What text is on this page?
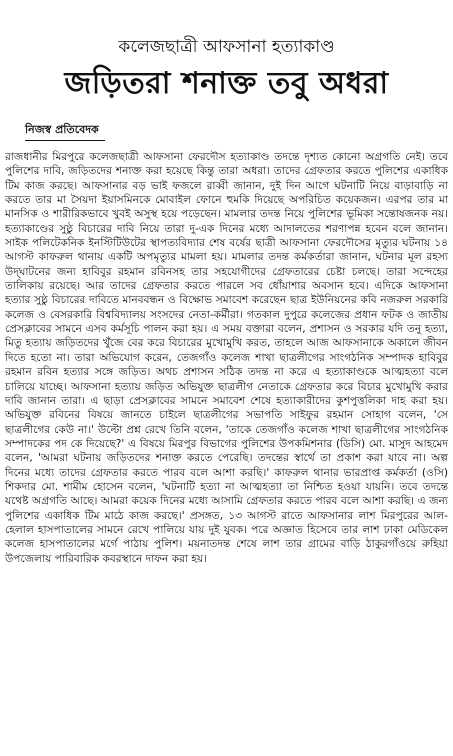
কলেজছাত্রী আফসানা হত্যাকাণ্ড
জড়িতরা শনাক্ত তবু অধরা
নিজস্ব প্রতিবেদক

রাজধানীর মিরপুরে কলেজছাত্রী আফসানা ফেরদৌস হত্যাকাণ্ড তদন্তে দৃশ্যত কোনো অগ্রগতি নেই। তবে পুলিশের দাবি, জড়িতদের শনাক্ত করা হয়েছে কিন্তু তারা অধরা। তাদের গ্রেফতার করতে পুলিশের একাধিক টিম কাজ করছে। আফসানার বড় ভাই ফজলে রাব্বী জানান, দুই দিন আগে ঘটনাটি নিয়ে বাড়াবাড়ি না করতে তার মা সৈয়দা ইয়াসমিনকে মোবাইল ফোনে হুমকি দিয়েছে অপরিচিত কয়েকজন। এরপর তার মা মানসিক ও শারীরিকভাবে খুবই অসুস্থ হয়ে পড়েছেন। মামলার তদন্ত নিয়ে পুলিশের ভূমিকা সন্তোষজনক নয়। হত্যাকাণ্ডের সুষ্ঠু বিচারের দাবি নিয়ে তারা দু-এক দিনের মধ্যে আদালতের শরণাপন্ন হবেন বলে জানান। সাইক পলিটেকনিক ইনস্টিটিউটের স্থাপত্যবিদ্যার শেষ বর্ষের ছাত্রী আফসানা ফেরদৌসের মৃত্যুর ঘটনায় ১৪ আগস্ট কাফরুল থানায় একটি অপমৃত্যুর মামলা হয়। মামলার তদন্ত কর্মকর্তারা জানান, ঘটনার মূল রহস্য উদ্‌ঘাটনের জন্য হাবিবুর রহমান রবিনসহ তার সহযোগীদের গ্রেফতারের চেষ্টা চলছে। তারা সন্দেহের তালিকায় রয়েছে। আর তাদের গ্রেফতার করতে পারলে সব ধোঁয়াশার অবসান হবে। এদিকে আফসানা হত্যার সুষ্ঠু বিচারের দাবিতে মানববন্ধন ও বিক্ষোভ সমাবেশ করেছেন ছাত্র ইউনিয়নের কবি নজরুল সরকারি কলেজ ও বেসরকারি বিশ্ববিদ্যালয় সংসদের নেতা-কর্মীরা। গতকাল দুপুরে কলেজের প্রধান ফটক ও জাতীয় প্রেসক্লাবের সামনে এসব কর্মসূচি পালন করা হয়। এ সময় বক্তারা বলেন, প্রশাসন ও সরকার যদি তনু হত্যা, মিতু হত্যায় জড়িতদের খুঁজে বের করে বিচারের মুখোমুখি করত, তাহলে আজ আফসানাকে অকালে জীবন দিতে হতো না। তারা অভিযোগ করেন, তেজগাঁও কলেজ শাখা ছাত্রলীগের সাংগঠনিক সম্পাদক হাবিবুর রহমান রবিন হত্যার সঙ্গে জড়িত। অথচ প্রশাসন সঠিক তদন্ত না করে এ হত্যাকাণ্ডকে আত্মহত্যা বলে চালিয়ে যাচ্ছে। আফসানা হত্যায় জড়িত অভিযুক্ত ছাত্রলীগ নেতাকে গ্রেফতার করে বিচার মুখোমুখি করার দাবি জানান তারা। এ ছাড়া প্রেসক্লাবের সামনে সমাবেশ শেষে হত্যাকারীদের কুশপুত্তলিকা দাহ করা হয়। অভিযুক্ত রবিনের বিষয়ে জানতে চাইলে ছাত্রলীগের সভাপতি সাইফুর রহমান সোহাগ বলেন, 'সে ছাত্রলীগের কেউ না।' উল্টো প্রশ্ন রেখে তিনি বলেন, 'তাকে তেজগাঁও কলেজ শাখা ছাত্রলীগের সাংগঠনিক সম্পাদকের পদ কে দিয়েছে?' এ বিষয়ে মিরপুর বিভাগের পুলিশের উপকমিশনার (ডিসি) মো. মাসুদ আহমেদ বলেন, 'আমরা ঘটনায় জড়িতদের শনাক্ত করতে পেরেছি। তদন্তের স্বার্থে তা প্রকাশ করা যাবে না। অল্প দিনের মধ্যে তাদের গ্রেফতার করতে পারব বলে আশা করছি।' কাফরুল থানার ভারপ্রাপ্ত কর্মকর্তা (ওসি) শিকদার মো. শামীম হোসেন বলেন, 'ঘটনাটি হত্যা না আত্মহত্যা তা নিশ্চিত হওয়া যায়নি। তবে তদন্তে যথেষ্ট অগ্রগতি আছে। আমরা কয়েক দিনের মধ্যে আসামি গ্রেফতার করতে পারব বলে আশা করছি। এ জন্য পুলিশের একাধিক টিম মাঠে কাজ করছে।' প্রসঙ্গত, ১৩ আগস্ট রাতে আফসানার লাশ মিরপুরের আল-হেলাল হাসপাতালের সামনে রেখে পালিয়ে যায় দুই যুবক। পরে অজ্ঞাত হিসেবে তার লাশ ঢাকা মেডিকেল কলেজ হাসপাতালের মর্গে পাঠায় পুলিশ। ময়নাতদন্ত শেষে লাশ তার গ্রামের বাড়ি ঠাকুরগাঁওয়ে রুহিয়া উপজেলায় পারিবারিক কবরস্থানে দাফন করা হয়।
